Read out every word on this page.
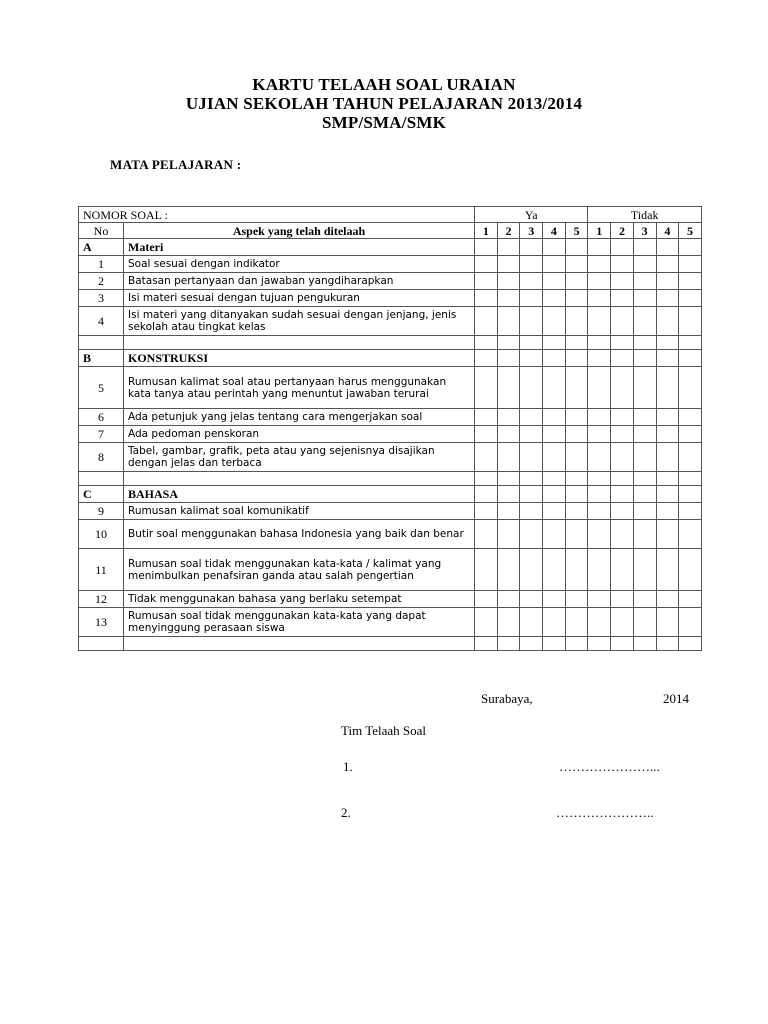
KARTU TELAAH SOAL URAIAN
UJIAN SEKOLAH TAHUN PELAJARAN 2013/2014
SMP/SMA/SMK
MATA PELAJARAN :
NOMOR SOAL :		Ya					Tidak				
No	Aspek yang telah ditelaah	1	2	3	4	5	1	2	3	4	5
A	Materi										
1	Soal sesuai dengan indikator										
2	Batasan pertanyaan dan jawaban yangdiharapkan										
3	Isi materi sesuai dengan tujuan pengukuran										
4	Isi materi yang ditanyakan sudah sesuai dengan jenjang, jenis sekolah atau tingkat kelas										

B	KONSTRUKSI										
5	Rumusan kalimat soal atau pertanyaan harus menggunakan kata tanya atau perintah yang menuntut jawaban terurai										
6	Ada petunjuk yang jelas tentang cara mengerjakan soal										
7	Ada pedoman penskoran										
8	Tabel, gambar, grafik, peta atau yang sejenisnya disajikan dengan jelas dan terbaca										

C	BAHASA										
9	Rumusan kalimat soal komunikatif										
10	Butir soal menggunakan bahasa Indonesia yang baik dan benar										
11	Rumusan soal tidak menggunakan kata-kata / kalimat yang menimbulkan penafsiran ganda atau salah pengertian										
12	Tidak menggunakan bahasa yang berlaku setempat										
13	Rumusan soal tidak menggunakan kata-kata yang dapat menyinggung perasaan siswa										

Surabaya,	2014
Tim Telaah Soal
1.	…………………...
2.	…………………..
